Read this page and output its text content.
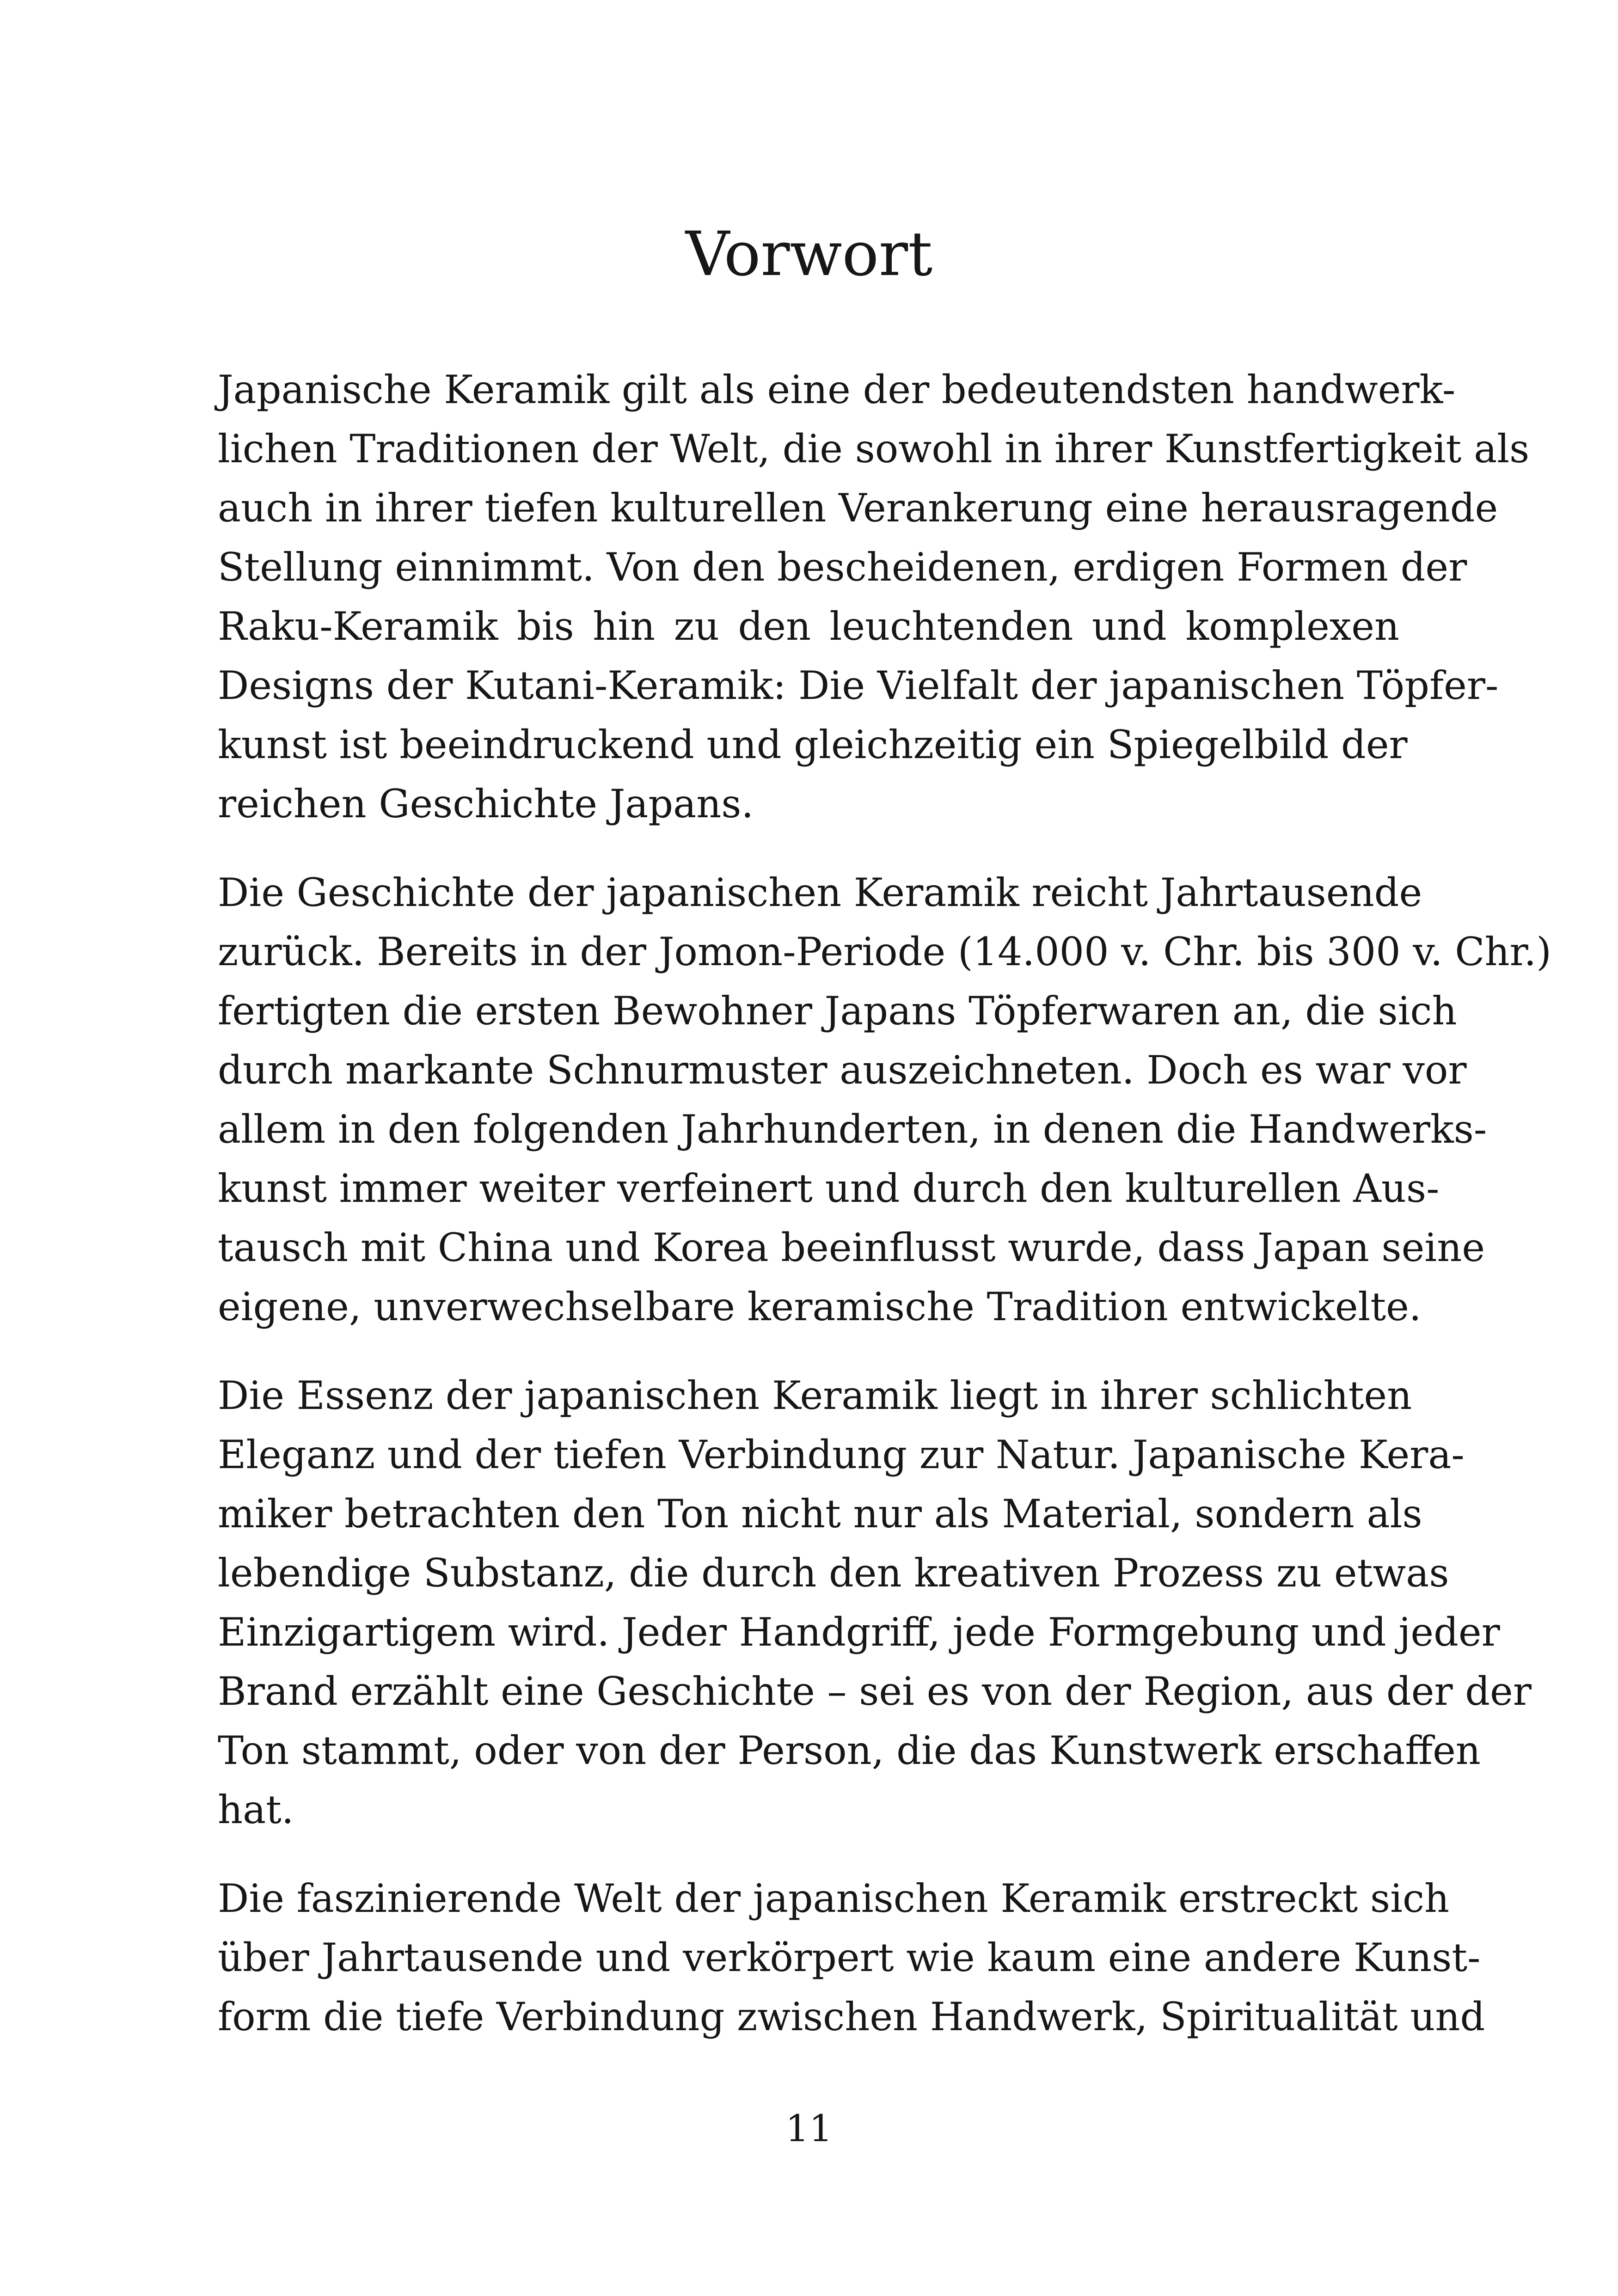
Vorwort
Japanische Keramik gilt als eine der bedeutendsten handwerk-
lichen Traditionen der Welt, die sowohl in ihrer Kunstfertigkeit als
auch in ihrer tiefen kulturellen Verankerung eine herausragende
Stellung einnimmt. Von den bescheidenen, erdigen Formen der
Raku-Keramik bis hin zu den leuchtenden und komplexen
Designs der Kutani-Keramik: Die Vielfalt der japanischen Töpfer-
kunst ist beeindruckend und gleichzeitig ein Spiegelbild der
reichen Geschichte Japans.
Die Geschichte der japanischen Keramik reicht Jahrtausende
zurück. Bereits in der Jomon-Periode (14.000 v. Chr. bis 300 v. Chr.)
fertigten die ersten Bewohner Japans Töpferwaren an, die sich
durch markante Schnurmuster auszeichneten. Doch es war vor
allem in den folgenden Jahrhunderten, in denen die Handwerks-
kunst immer weiter verfeinert und durch den kulturellen Aus-
tausch mit China und Korea beeinflusst wurde, dass Japan seine
eigene, unverwechselbare keramische Tradition entwickelte.
Die Essenz der japanischen Keramik liegt in ihrer schlichten
Eleganz und der tiefen Verbindung zur Natur. Japanische Kera-
miker betrachten den Ton nicht nur als Material, sondern als
lebendige Substanz, die durch den kreativen Prozess zu etwas
Einzigartigem wird. Jeder Handgriff, jede Formgebung und jeder
Brand erzählt eine Geschichte – sei es von der Region, aus der der
Ton stammt, oder von der Person, die das Kunstwerk erschaffen
hat.
Die faszinierende Welt der japanischen Keramik erstreckt sich
über Jahrtausende und verkörpert wie kaum eine andere Kunst-
form die tiefe Verbindung zwischen Handwerk, Spiritualität und
11
